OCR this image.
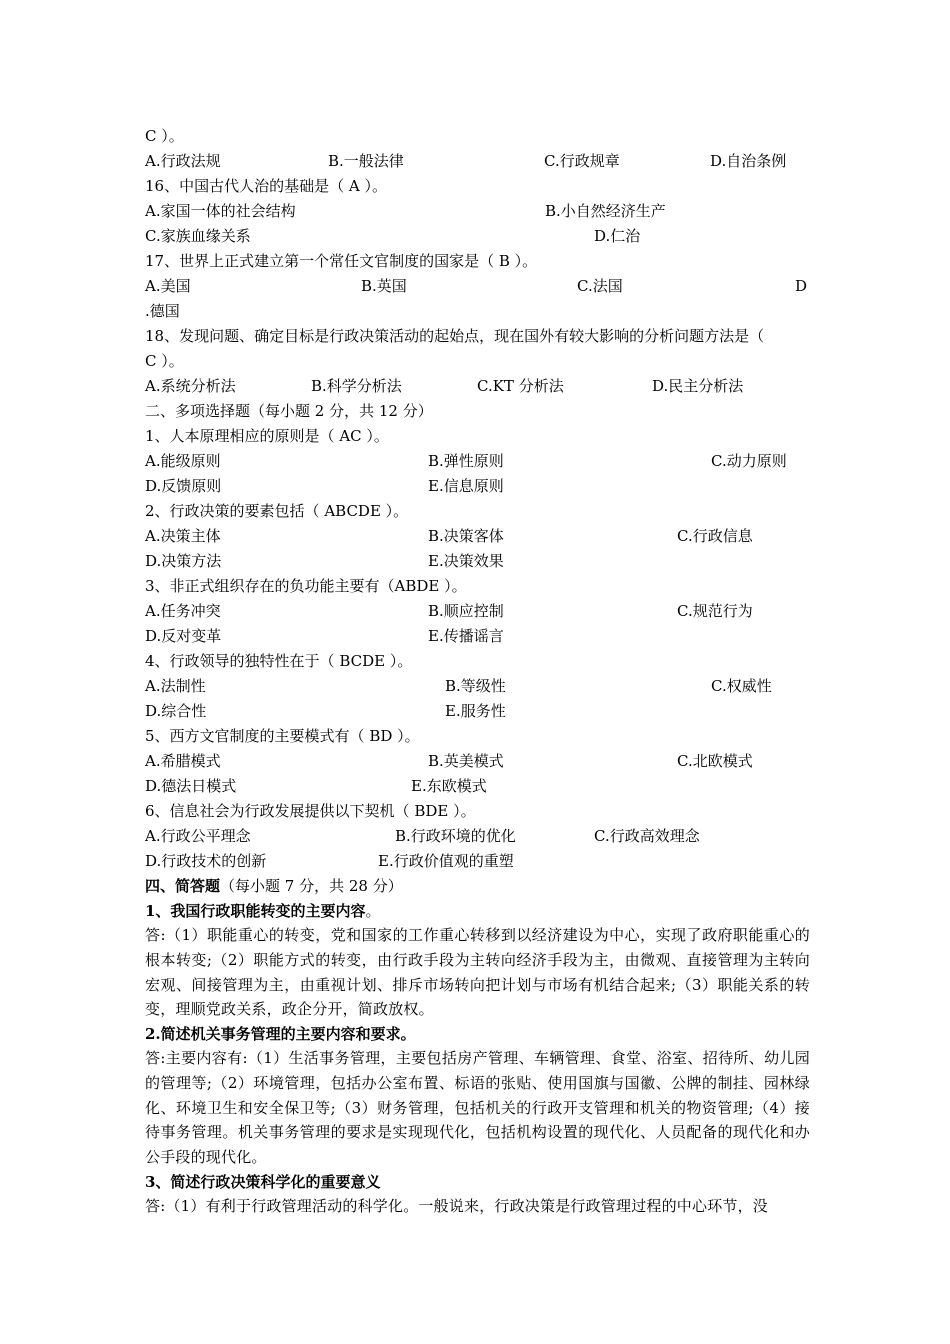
C ）。
A.行政法规	B.一般法律	C.行政规章	D.自治条例
16、中国古代人治的基础是（ A ）。
A.家国一体的社会结构	B.小自然经济生产
C.家族血缘关系	D.仁治
17、世界上正式建立第一个常任文官制度的国家是（ B ）。
A.美国	B.英国	C.法国	D
.德国
18、发现问题、确定目标是行政决策活动的起始点，现在国外有较大影响的分析问题方法是（
C ）。
A.系统分析法	B.科学分析法	C.KT 分析法	D.民主分析法
二、多项选择题（每小题 2 分，共 12 分）
1、人本原理相应的原则是（ AC ）。
A.能级原则	B.弹性原则	C.动力原则
D.反馈原则	E.信息原则
2、行政决策的要素包括（ ABCDE ）。
A.决策主体	B.决策客体	C.行政信息
D.决策方法	E.决策效果
3、非正式组织存在的负功能主要有（ABDE ）。
A.任务冲突	B.顺应控制	C.规范行为
D.反对变革	E.传播谣言
4、行政领导的独特性在于（ BCDE ）。
A.法制性	B.等级性	C.权威性
D.综合性	E.服务性
5、西方文官制度的主要模式有（ BD ）。
A.希腊模式	B.英美模式	C.北欧模式
D.德法日模式	E.东欧模式
6、信息社会为行政发展提供以下契机（ BDE ）。
A.行政公平理念	B.行政环境的优化	C.行政高效理念
D.行政技术的创新	E.行政价值观的重塑
四、简答题（每小题 7 分，共 28 分）
1、我国行政职能转变的主要内容。
答:（1）职能重心的转变，党和国家的工作重心转移到以经济建设为中心，实现了政府职能重心的根本转变;（2）职能方式的转变，由行政手段为主转向经济手段为主，由微观、直接管理为主转向宏观、间接管理为主，由重视计划、排斥市场转向把计划与市场有机结合起来;（3）职能关系的转变，理顺党政关系，政企分开，简政放权。
2.简述机关事务管理的主要内容和要求。
答:主要内容有:（1）生活事务管理，主要包括房产管理、车辆管理、食堂、浴室、招待所、幼儿园的管理等;（2）环境管理，包括办公室布置、标语的张贴、使用国旗与国徽、公牌的制挂、园林绿化、环境卫生和安全保卫等;（3）财务管理，包括机关的行政开支管理和机关的物资管理;（4）接待事务管理。机关事务管理的要求是实现现代化，包括机构设置的现代化、人员配备的现代化和办公手段的现代化。
3、简述行政决策科学化的重要意义
答:（1）有利于行政管理活动的科学化。一般说来，行政决策是行政管理过程的中心环节，没
